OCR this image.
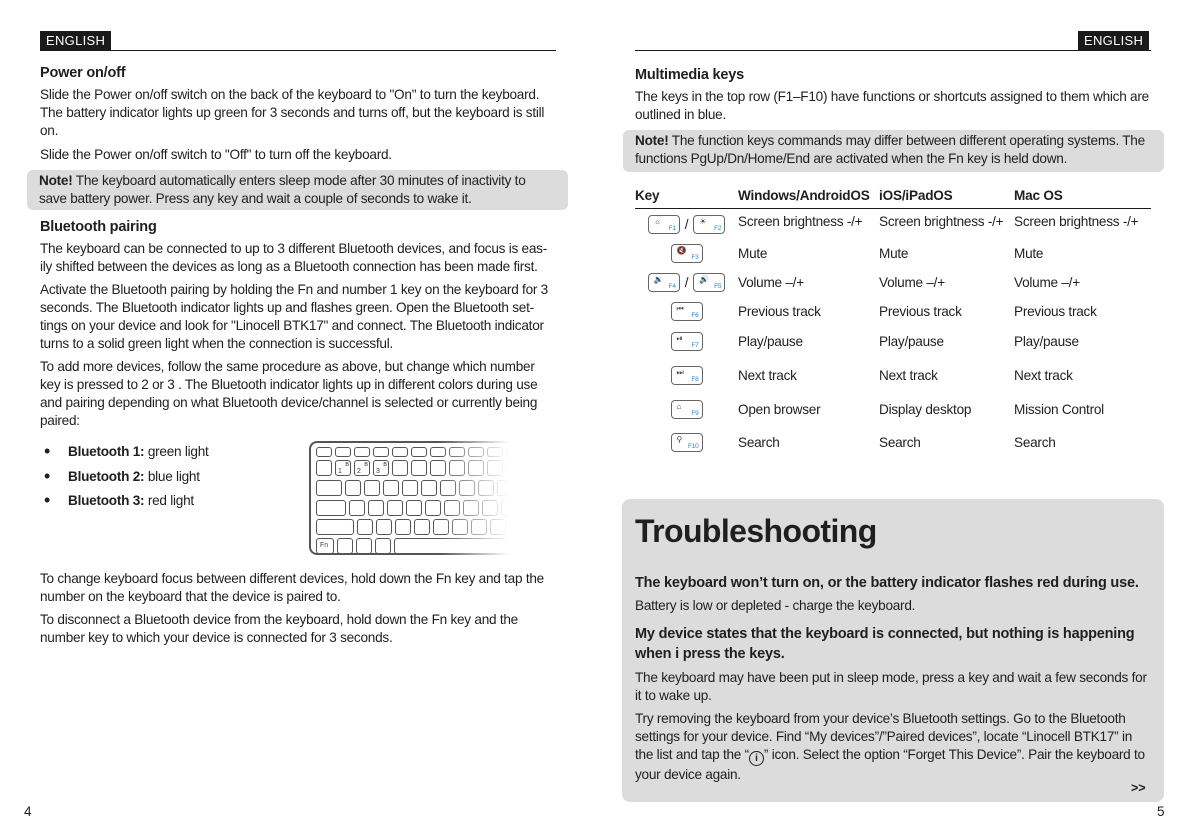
ENGLISH	ENGLISH
Power on/off

Slide the Power on/off switch on the back of the keyboard to "On" to turn the keyboard. The battery indicator lights up green for 3 seconds and turns off, but the keyboard is still on.

Slide the Power on/off switch to "Off" to turn off the keyboard.

Note! The keyboard automatically enters sleep mode after 30 minutes of inactivity to save battery power. Press any key and wait a couple of seconds to wake it.

Bluetooth pairing

The keyboard can be connected to up to 3 different Bluetooth devices, and focus is eas-ily shifted between the devices as long as a Bluetooth connection has been made first.

Activate the Bluetooth pairing by holding the Fn and number 1 key on the keyboard for 3 seconds. The Bluetooth indicator lights up and flashes green. Open the Bluetooth set-tings on your device and look for "Linocell BTK17" and connect. The Bluetooth indicator turns to a solid green light when the connection is successful.

To add more devices, follow the same procedure as above, but change which number key is pressed to 2 or 3 . The Bluetooth indicator lights up in different colors during use and pairing depending on what Bluetooth device/channel is selected or currently being paired:

• Bluetooth 1: green light
• Bluetooth 2: blue light
• Bluetooth 3: red light
1
ʙ
2
ʙ
3
ʙ
Fn

To change keyboard focus between different devices, hold down the Fn key and tap the number on the keyboard that the device is paired to.

To disconnect a Bluetooth device from the keyboard, hold down the Fn key and the number key to which your device is connected for 3 seconds.

4
Multimedia keys

The keys in the top row (F1–F10) have functions or shortcuts assigned to them which are outlined in blue.

Note! The function keys commands may differ between different operating systems. The functions PgUp/Dn/Home/End are activated when the Fn key is held down.

Key	Windows/AndroidOS	iOS/iPadOS	Mac OS

☼
F1 / ☀
F2	Screen brightness -/+	Screen brightness -/+	Screen brightness -/+

🔇
F3	Mute	Mute	Mute

🔉
F4 / 🔊
F5	Volume –/+	Volume –/+	Volume –/+

⏮
F6	Previous track	Previous track	Previous track

⏯
F7	Play/pause	Play/pause	Play/pause

⏭
F8	Next track	Next track	Next track

⌂
F9	Open browser	Display desktop	Mission Control

⚲
F10	Search	Search	Search
Troubleshooting
The keyboard won’t turn on, or the battery indicator flashes red during use.

Battery is low or depleted - charge the keyboard.

My device states that the keyboard is connected, but nothing is happening when i press the keys.

The keyboard may have been put in sleep mode, press a key and wait a few seconds for it to wake up.

Try removing the keyboard from your device’s Bluetooth settings. Go to the Bluetooth settings for your device. Find “My devices”/”Paired devices”, locate “Linocell BTK17” in the list and tap the “ i ” icon. Select the option “Forget This Device”. Pair the keyboard to your device again.

>>
5
